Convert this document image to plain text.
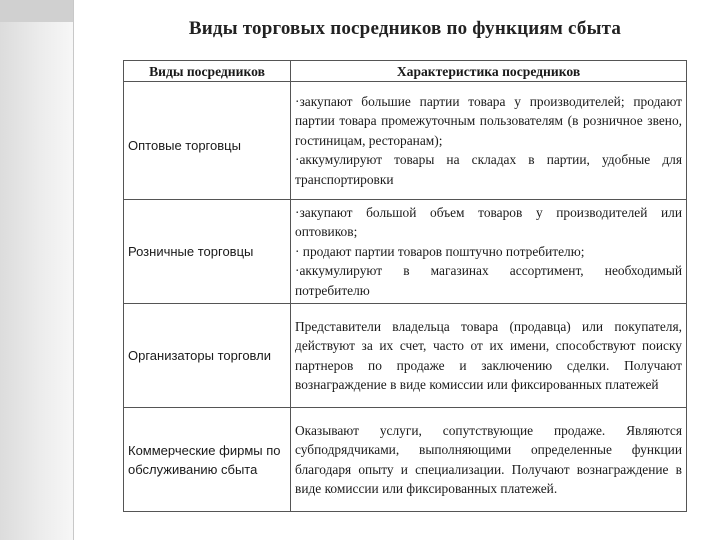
Виды торговых посредников по функциям сбыта
Виды посредников	Характеристика посредников
Оптовые торговцы	·закупают большие партии товара у производителей; продают партии товара промежуточным пользователям (в розничное звено, гостиницам, ресторанам);

·аккумулируют товары на складах в партии, удобные для транспортировки

Розничные торговцы	·закупают большой объем товаров у производителей или оптовиков;

· продают партии товаров поштучно потребителю;

·аккумулируют в магазинах ассортимент, необходимый потребителю

Организаторы торговли	Представители владельца товара (продавца) или покупателя, действуют за их счет, часто от их имени, способствуют поиску партнеров по продаже и заключению сделки. Получают вознаграждение в виде комиссии или фиксированных платежей

Коммерческие фирмы по обслуживанию сбыта	Оказывают услуги, сопутствующие продаже. Являются субподрядчиками, выполняющими определенные функции благодаря опыту и специализации. Получают вознаграждение в виде комиссии или фиксированных платежей.
